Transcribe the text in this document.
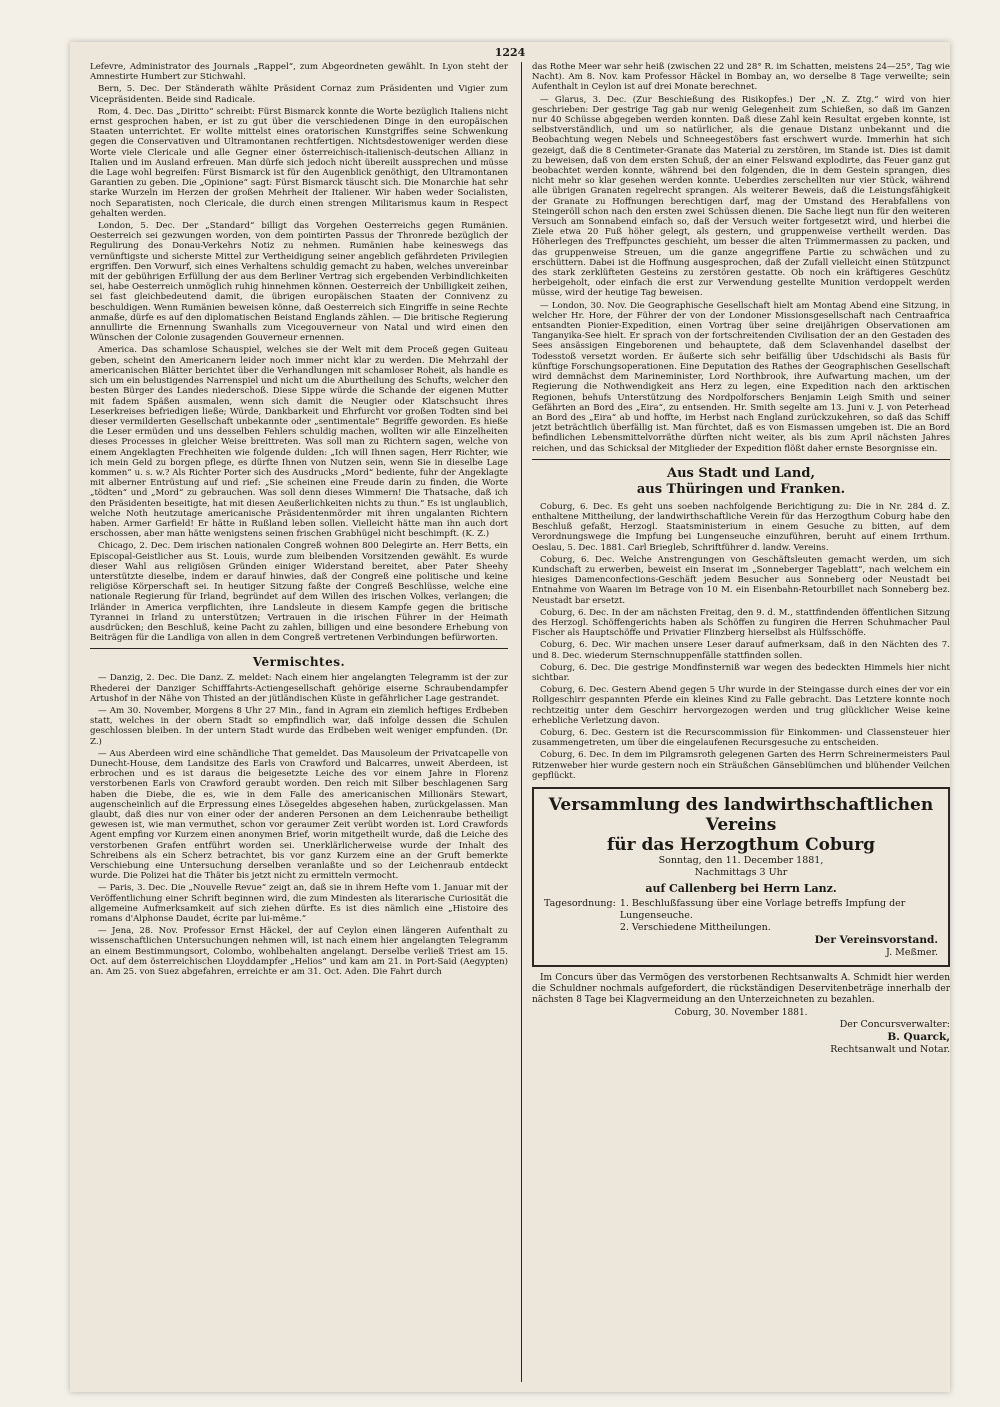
1224

Lefevre, Administrator des Journals „Rappel“, zum Abgeordneten gewählt. In Lyon steht der Amnestirte Humbert zur Stichwahl.

Bern, 5. Dec. Der Ständerath wählte Präsident Cornaz zum Präsidenten und Vigier zum Vicepräsidenten. Beide sind Radicale.

Rom, 4. Dec. Das „Diritto“ schreibt: Fürst Bismarck konnte die Worte bezüglich Italiens nicht ernst gesprochen haben, er ist zu gut über die verschiedenen Dinge in den europäischen Staaten unterrichtet. Er wollte mittelst eines oratorischen Kunstgriffes seine Schwenkung gegen die Conservativen und Ultramontanen rechtfertigen. Nichtsdestoweniger werden diese Worte viele Clericale und alle Gegner einer österreichisch-italienisch-deutschen Allianz in Italien und im Ausland erfreuen. Man dürfe sich jedoch nicht übereilt aussprechen und müsse die Lage wohl begreifen: Fürst Bismarck ist für den Augenblick genöthigt, den Ultramontanen Garantien zu geben. Die „Opinione“ sagt: Fürst Bismarck täuscht sich. Die Monarchie hat sehr starke Wurzeln im Herzen der großen Mehrheit der Italiener. Wir haben weder Socialisten, noch Separatisten, noch Clericale, die durch einen strengen Militarismus kaum in Respect gehalten werden.

London, 5. Dec. Der „Standard“ billigt das Vorgehen Oesterreichs gegen Rumänien. Oesterreich sei gezwungen worden, von dem pointirten Passus der Thronrede bezüglich der Regulirung des Donau-Verkehrs Notiz zu nehmen. Rumänien habe keineswegs das vernünftigste und sicherste Mittel zur Vertheidigung seiner angeblich gefährdeten Privilegien ergriffen. Den Vorwurf, sich eines Verhaltens schuldig gemacht zu haben, welches unvereinbar mit der gebührigen Erfüllung der aus dem Berliner Vertrag sich ergebenden Verbindlichkeiten sei, habe Oesterreich unmöglich ruhig hinnehmen können. Oesterreich der Unbilligkeit zeihen, sei fast gleichbedeutend damit, die übrigen europäischen Staaten der Connivenz zu beschuldigen. Wenn Rumänien beweisen könne, daß Oesterreich sich Eingriffe in seine Rechte anmaße, dürfe es auf den diplomatischen Beistand Englands zählen. — Die britische Regierung annullirte die Ernennung Swanhalls zum Vicegouverneur von Natal und wird einen den Wünschen der Colonie zusagenden Gouverneur ernennen.

America. Das schamlose Schauspiel, welches sie der Welt mit dem Proceß gegen Guiteau geben, scheint den Americanern leider noch immer nicht klar zu werden. Die Mehrzahl der americanischen Blätter berichtet über die Verhandlungen mit schamloser Roheit, als handle es sich um ein belustigendes Narrenspiel und nicht um die Aburtheilung des Schufts, welcher den besten Bürger des Landes niederschoß. Diese Sippe würde die Schande der eigenen Mutter mit fadem Späßen ausmalen, wenn sich damit die Neugier oder Klatschsucht ihres Leserkreises befriedigen ließe; Würde, Dankbarkeit und Ehrfurcht vor großen Todten sind bei dieser vermilderten Gesellschaft unbekannte oder „sentimentale“ Begriffe geworden. Es hieße die Leser ermüden und uns desselben Fehlers schuldig machen, wollten wir alle Einzelheiten dieses Processes in gleicher Weise breittreten. Was soll man zu Richtern sagen, welche von einem Angeklagten Frechheiten wie folgende dulden: „Ich will Ihnen sagen, Herr Richter, wie ich mein Geld zu borgen pflege, es dürfte Ihnen von Nutzen sein, wenn Sie in dieselbe Lage kommen“ u. s. w.? Als Richter Porter sich des Ausdrucks „Mord“ bediente, fuhr der Angeklagte mit alberner Entrüstung auf und rief: „Sie scheinen eine Freude darin zu finden, die Worte „tödten“ und „Mord“ zu gebrauchen. Was soll denn dieses Wimmern! Die Thatsache, daß ich den Präsidenten beseitigte, hat mit diesen Aeußerlichkeiten nichts zu thun.“ Es ist unglaublich, welche Noth heutzutage americanische Präsidentenmörder mit ihren ungalanten Richtern haben. Armer Garfield! Er hätte in Rußland leben sollen. Vielleicht hätte man ihn auch dort erschossen, aber man hätte wenigstens seinen frischen Grabhügel nicht beschimpft. (K. Z.)

Chicago, 2. Dec. Dem irischen nationalen Congreß wohnen 800 Delegirte an. Herr Betts, ein Episcopal-Geistlicher aus St. Louis, wurde zum bleibenden Vorsitzenden gewählt. Es wurde dieser Wahl aus religiösen Gründen einiger Widerstand bereitet, aber Pater Sheehy unterstützte dieselbe, indem er darauf hinwies, daß der Congreß eine politische und keine religiöse Körperschaft sei. In heutiger Sitzung faßte der Congreß Beschlüsse, welche eine nationale Regierung für Irland, begründet auf dem Willen des irischen Volkes, verlangen; die Irländer in America verpflichten, ihre Landsleute in diesem Kampfe gegen die britische Tyrannei in Irland zu unterstützen; Vertrauen in die irischen Führer in der Heimath ausdrücken; den Beschluß, keine Pacht zu zahlen, billigen und eine besondere Erhebung von Beiträgen für die Landliga von allen in dem Congreß vertretenen Verbindungen befürworten.

Vermischtes.

— Danzig, 2. Dec. Die Danz. Z. meldet: Nach einem hier angelangten Telegramm ist der zur Rhederei der Danziger Schifffahrts-Actiengesellschaft gehörige eiserne Schraubendampfer Artushof in der Nähe von Thisted an der jütländischen Küste in gefährlicher Lage gestrandet.

— Am 30. November, Morgens 8 Uhr 27 Min., fand in Agram ein ziemlich heftiges Erdbeben statt, welches in der obern Stadt so empfindlich war, daß infolge dessen die Schulen geschlossen bleiben. In der untern Stadt wurde das Erdbeben weit weniger empfunden. (Dr. Z.)

— Aus Aberdeen wird eine schändliche That gemeldet. Das Mausoleum der Privatcapelle von Dunecht-House, dem Landsitze des Earls von Crawford und Balcarres, unweit Aberdeen, ist erbrochen und es ist daraus die beigesetzte Leiche des vor einem Jahre in Florenz verstorbenen Earls von Crawford geraubt worden. Den reich mit Silber beschlagenen Sarg haben die Diebe, die es, wie in dem Falle des americanischen Millionärs Stewart, augenscheinlich auf die Erpressung eines Lösegeldes abgesehen haben, zurückgelassen. Man glaubt, daß dies nur von einer oder der anderen Personen an dem Leichenraube betheiligt gewesen ist, wie man vermuthet, schon vor geraumer Zeit verübt worden ist. Lord Crawfords Agent empfing vor Kurzem einen anonymen Brief, worin mitgetheilt wurde, daß die Leiche des verstorbenen Grafen entführt worden sei. Unerklärlicherweise wurde der Inhalt des Schreibens als ein Scherz betrachtet, bis vor ganz Kurzem eine an der Gruft bemerkte Verschiebung eine Untersuchung derselben veranlaßte und so der Leichenraub entdeckt wurde. Die Polizei hat die Thäter bis jetzt nicht zu ermitteln vermocht.

— Paris, 3. Dec. Die „Nouvelle Revue“ zeigt an, daß sie in ihrem Hefte vom 1. Januar mit der Veröffentlichung einer Schrift beginnen wird, die zum Mindesten als literarische Curiosität die allgemeine Aufmerksamkeit auf sich ziehen dürfte. Es ist dies nämlich eine „Histoire des romans d'Alphonse Daudet, écrite par lui-même.“

— Jena, 28. Nov. Professor Ernst Häckel, der auf Ceylon einen längeren Aufenthalt zu wissenschaftlichen Untersuchungen nehmen will, ist nach einem hier angelangten Telegramm an einem Bestimmungsort, Colombo, wohlbehalten angelangt. Derselbe verließ Triest am 15. Oct. auf dem österreichischen Lloyddampfer „Helios“ und kam am 21. in Port-Said (Aegypten) an. Am 25. von Suez abgefahren, erreichte er am 31. Oct. Aden. Die Fahrt durch

das Rothe Meer war sehr heiß (zwischen 22 und 28° R. im Schatten, meistens 24—25°, Tag wie Nacht). Am 8. Nov. kam Professor Häckel in Bombay an, wo derselbe 8 Tage verweilte; sein Aufenthalt in Ceylon ist auf drei Monate berechnet.

— Glarus, 3. Dec. (Zur Beschießung des Risikopfes.) Der „N. Z. Ztg.“ wird von hier geschrieben: Der gestrige Tag gab nur wenig Gelegenheit zum Schießen, so daß im Ganzen nur 40 Schüsse abgegeben werden konnten. Daß diese Zahl kein Resultat ergeben konnte, ist selbstverständlich, und um so natürlicher, als die genaue Distanz unbekannt und die Beobachtung wegen Nebels und Schneegestöbers fast erschwert wurde. Immerhin hat sich gezeigt, daß die 8 Centimeter-Granate das Material zu zerstören, im Stande ist. Dies ist damit zu beweisen, daß von dem ersten Schuß, der an einer Felswand explodirte, das Feuer ganz gut beobachtet werden konnte, während bei den folgenden, die in dem Gestein sprangen, dies nicht mehr so klar gesehen werden konnte. Ueberdies zerschellten nur vier Stück, während alle übrigen Granaten regelrecht sprangen. Als weiterer Beweis, daß die Leistungsfähigkeit der Granate zu Hoffnungen berechtigen darf, mag der Umstand des Herabfallens von Steingeröll schon nach den ersten zwei Schüssen dienen. Die Sache liegt nun für den weiteren Versuch am Sonnabend einfach so, daß der Versuch weiter fortgesetzt wird, und hierbei die Ziele etwa 20 Fuß höher gelegt, als gestern, und gruppenweise vertheilt werden. Das Höherlegen des Treffpunctes geschieht, um besser die alten Trümmermassen zu packen, und das gruppenweise Streuen, um die ganze angegriffene Partie zu schwächen und zu erschüttern. Dabei ist die Hoffnung ausgesprochen, daß der Zufall vielleicht einen Stützpunct des stark zerklüfteten Gesteins zu zerstören gestatte. Ob noch ein kräftigeres Geschütz herbeigeholt, oder einfach die erst zur Verwendung gestellte Munition verdoppelt werden müsse, wird der heutige Tag beweisen.

— London, 30. Nov. Die Geographische Gesellschaft hielt am Montag Abend eine Sitzung, in welcher Hr. Hore, der Führer der von der Londoner Missionsgesellschaft nach Centraafrica entsandten Pionier-Expedition, einen Vortrag über seine dreijährigen Observationen am Tanganyika-See hielt. Er sprach von der fortschreitenden Civilisation der an den Gestaden des Sees ansässigen Eingeborenen und behauptete, daß dem Sclavenhandel daselbst der Todesstoß versetzt worden. Er äußerte sich sehr beifällig über Udschidschi als Basis für künftige Forschungsoperationen. Eine Deputation des Rathes der Geographischen Gesellschaft wird demnächst dem Marineminister, Lord Northbrook, ihre Aufwartung machen, um der Regierung die Nothwendigkeit ans Herz zu legen, eine Expedition nach den arktischen Regionen, behufs Unterstützung des Nordpolforschers Benjamin Leigh Smith und seiner Gefährten an Bord des „Eira“, zu entsenden. Hr. Smith segelte am 13. Juni v. J. von Peterhead an Bord des „Eira“ ab und hoffte, im Herbst nach England zurückzukehren, so daß das Schiff jetzt beträchtlich überfällig ist. Man fürchtet, daß es von Eismassen umgeben ist. Die an Bord befindlichen Lebensmittelvorräthe dürften nicht weiter, als bis zum April nächsten Jahres reichen, und das Schicksal der Mitglieder der Expedition flößt daher ernste Besorgnisse ein.

Aus Stadt und Land,
aus Thüringen und Franken.

Coburg, 6. Dec. Es geht uns soeben nachfolgende Berichtigung zu: Die in Nr. 284 d. Z. enthaltene Mittheilung, der landwirthschaftliche Verein für das Herzogthum Coburg habe den Beschluß gefaßt, Herzogl. Staatsministerium in einem Gesuche zu bitten, auf dem Verordnungswege die Impfung bei Lungenseuche einzuführen, beruht auf einem Irrthum. Oeslau, 5. Dec. 1881. Carl Briegleb, Schriftführer d. landw. Vereins.

Coburg, 6. Dec. Welche Anstrengungen von Geschäftsleuten gemacht werden, um sich Kundschaft zu erwerben, beweist ein Inserat im „Sonneberger Tageblatt“, nach welchem ein hiesiges Damenconfections-Geschäft jedem Besucher aus Sonneberg oder Neustadt bei Entnahme von Waaren im Betrage von 10 M. ein Eisenbahn-Retourbillet nach Sonneberg bez. Neustadt bar ersetzt.

Coburg, 6. Dec. In der am nächsten Freitag, den 9. d. M., stattfindenden öffentlichen Sitzung des Herzogl. Schöffengerichts haben als Schöffen zu fungiren die Herren Schuhmacher Paul Fischer als Hauptschöffe und Privatier Flinzberg hierselbst als Hülfsschöffe.

Coburg, 6. Dec. Wir machen unsere Leser darauf aufmerksam, daß in den Nächten des 7. und 8. Dec. wiederum Sternschnuppenfälle stattfinden sollen.

Coburg, 6. Dec. Die gestrige Mondfinsterniß war wegen des bedeckten Himmels hier nicht sichtbar.

Coburg, 6. Dec. Gestern Abend gegen 5 Uhr wurde in der Steingasse durch eines der vor ein Rollgeschirr gespannten Pferde ein kleines Kind zu Falle gebracht. Das Letztere konnte noch rechtzeitig unter dem Geschirr hervorgezogen werden und trug glücklicher Weise keine erhebliche Verletzung davon.

Coburg, 6. Dec. Gestern ist die Recurscommission für Einkommen- und Classensteuer hier zusammengetreten, um über die eingelaufenen Recursgesuche zu entscheiden.

Coburg, 6. Dec. In dem im Pilgramsroth gelegenen Garten des Herrn Schreinermeisters Paul Ritzenweber hier wurde gestern noch ein Sträußchen Gänseblümchen und blühender Veilchen gepflückt.

Versammlung des landwirthschaftlichen Vereins
für das Herzogthum Coburg
Sonntag, den 11. December 1881,
Nachmittags 3 Uhr
auf Callenberg bei Herrn Lanz.
Tagesordnung: 1. Beschlußfassung über eine Vorlage betreffs Impfung der Lungenseuche.
2. Verschiedene Mittheilungen.
Der Vereinsvorstand.
J. Meßmer.

Im Concurs über das Vermögen des verstorbenen Rechtsanwalts A. Schmidt hier werden die Schuldner nochmals aufgefordert, die rückständigen Deservitenbeträge innerhalb der nächsten 8 Tage bei Klagvermeidung an den Unterzeichneten zu bezahlen.

Coburg, 30. November 1881.
Der Concursverwalter:
B. Quarck,
Rechtsanwalt und Notar.
